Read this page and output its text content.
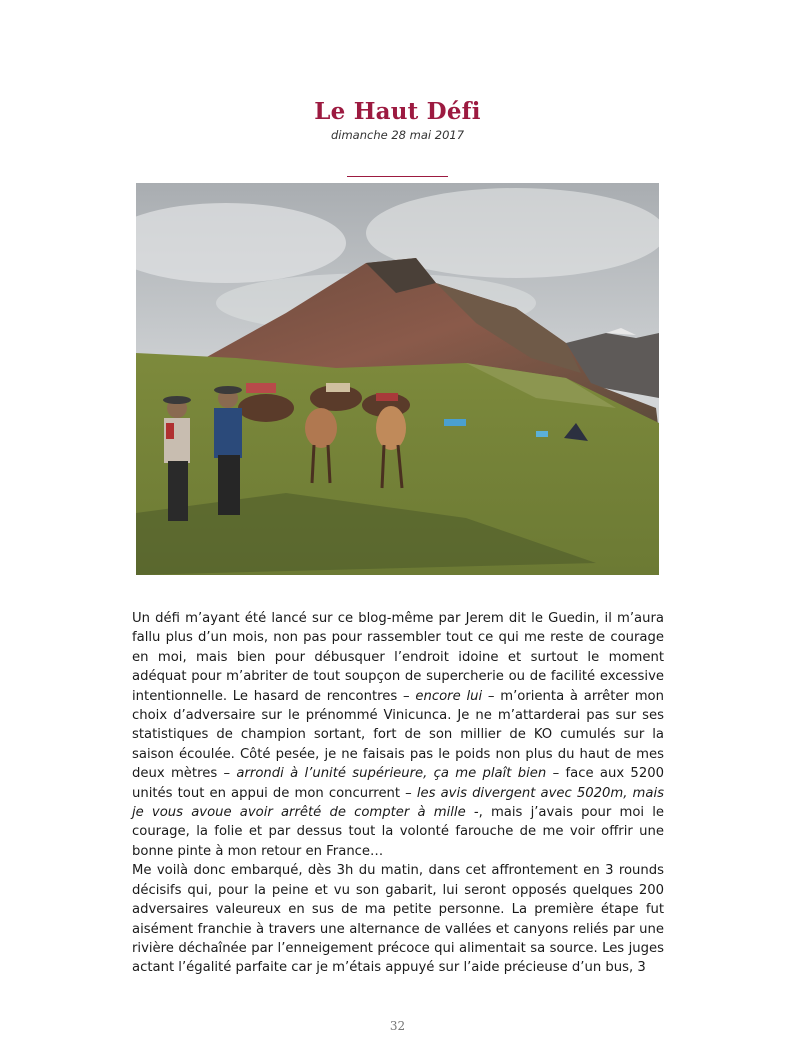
Le Haut Défi
dimanche 28 mai 2017

Un défi m’ayant été lancé sur ce blog-même par Jerem dit le Guedin, il m’aura fallu plus d’un mois, non pas pour rassembler tout ce qui me reste de courage en moi, mais bien pour débusquer l’endroit idoine et surtout le moment adéquat pour m’abriter de tout soupçon de supercherie ou de facilité excessive intentionnelle. Le hasard de rencontres – encore lui – m’orienta à arrêter mon choix d’adversaire sur le prénommé Vinicunca. Je ne m’attarderai pas sur ses statistiques de champion sortant, fort de son millier de KO cumulés sur la saison écoulée. Côté pesée, je ne faisais pas le poids non plus du haut de mes deux mètres – arrondi à l’unité supérieure, ça me plaît bien – face aux 5200 unités tout en appui de mon concurrent – les avis divergent avec 5020m, mais je vous avoue avoir arrêté de compter à mille -, mais j’avais pour moi le courage, la folie et par dessus tout la volonté farouche de me voir offrir une bonne pinte à mon retour en France…

Me voilà donc embarqué, dès 3h du matin, dans cet affrontement en 3 rounds décisifs qui, pour la peine et vu son gabarit, lui seront opposés quelques 200 adversaires valeureux en sus de ma petite personne. La première étape fut aisément franchie à travers une alternance de vallées et canyons reliés par une rivière déchaînée par l’enneigement précoce qui alimentait sa source. Les juges actant l’égalité parfaite car je m’étais appuyé sur l’aide précieuse d’un bus, 3

32
